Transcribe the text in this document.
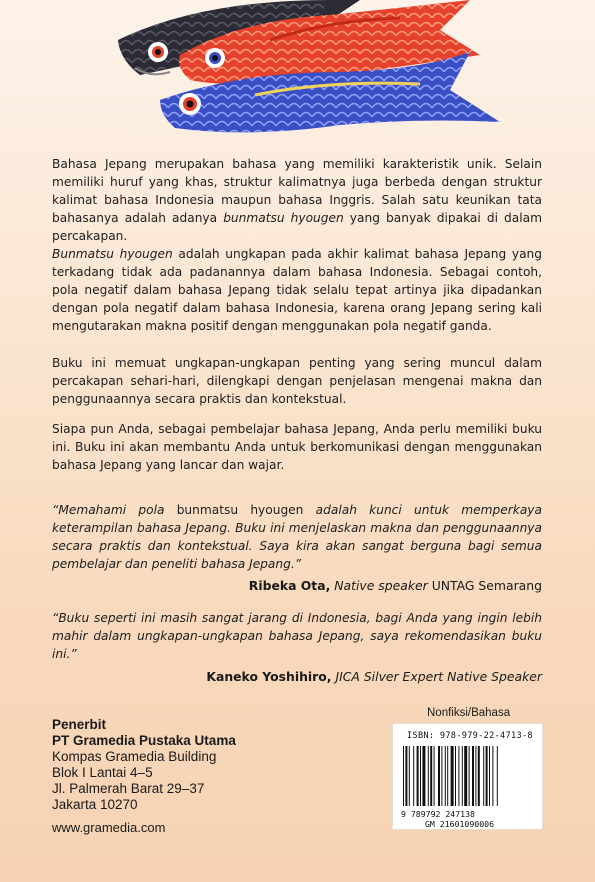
Bahasa Jepang merupakan bahasa yang memiliki karakteristik unik. Selain memiliki huruf yang khas, struktur kalimatnya juga berbeda dengan struktur kalimat bahasa Indonesia maupun bahasa Inggris. Salah satu keunikan tata bahasanya adalah adanya bunmatsu hyougen yang banyak dipakai di dalam percakapan.

Bunmatsu hyougen adalah ungkapan pada akhir kalimat bahasa Jepang yang terkadang tidak ada padanannya dalam bahasa Indonesia. Sebagai contoh, pola negatif dalam bahasa Jepang tidak selalu tepat artinya jika dipadankan dengan pola negatif dalam bahasa Indonesia, karena orang Jepang sering kali mengutarakan makna positif dengan menggunakan pola negatif ganda.

Buku ini memuat ungkapan-ungkapan penting yang sering muncul dalam percakapan sehari-hari, dilengkapi dengan penjelasan mengenai makna dan penggunaannya secara praktis dan kontekstual.

Siapa pun Anda, sebagai pembelajar bahasa Jepang, Anda perlu memiliki buku ini. Buku ini akan membantu Anda untuk berkomunikasi dengan menggunakan bahasa Jepang yang lancar dan wajar.

“Memahami pola bunmatsu hyougen adalah kunci untuk memperkaya keterampilan bahasa Jepang. Buku ini menjelaskan makna dan penggunaannya secara praktis dan kontekstual. Saya kira akan sangat berguna bagi semua pembelajar dan peneliti bahasa Jepang.”

Ribeka Ota, Native speaker UNTAG Semarang

“Buku seperti ini masih sangat jarang di Indonesia, bagi Anda yang ingin lebih mahir dalam ungkapan-ungkapan bahasa Jepang, saya rekomendasikan buku ini.”

Kaneko Yoshihiro, JICA Silver Expert Native Speaker
Penerbit
PT Gramedia Pustaka Utama
Kompas Gramedia Building
Blok I Lantai 4–5
Jl. Palmerah Barat 29–37
Jakarta 10270
www.gramedia.com
Nonfiksi/Bahasa
ISBN: 978-979-22-4713-8
9 789792 247138
GM 21601090006
